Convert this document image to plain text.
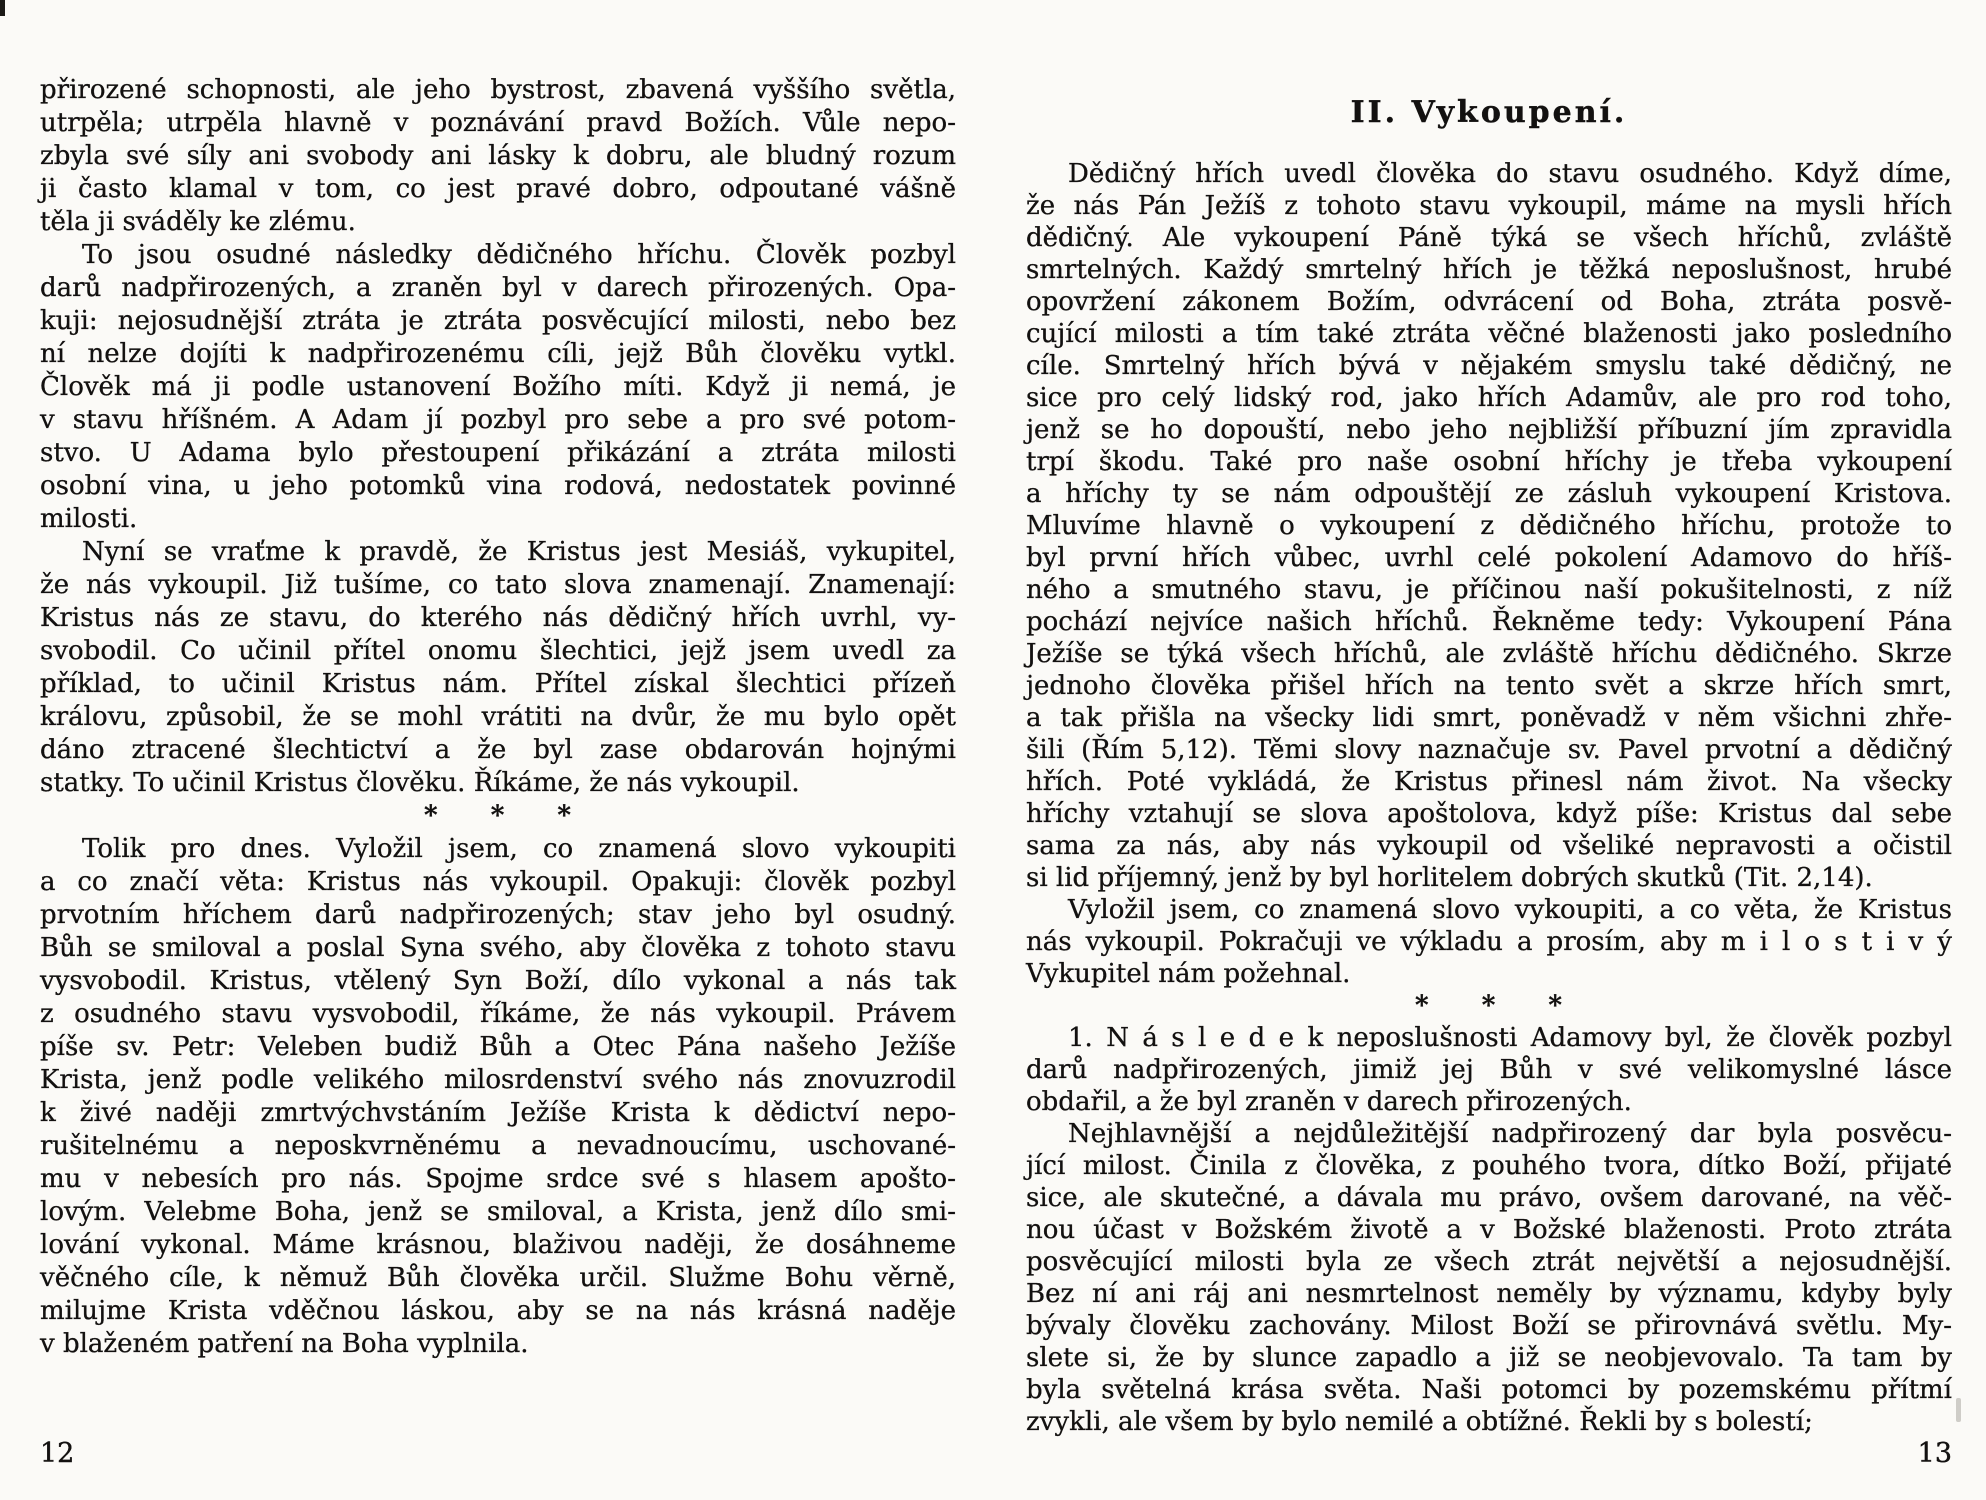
přirozené schopnosti, ale jeho bystrost, zbavená vyššího světla,
utrpěla; utrpěla hlavně v poznávání pravd Božích. Vůle nepo-
zbyla své síly ani svobody ani lásky k dobru, ale bludný rozum
ji často klamal v tom, co jest pravé dobro, odpoutané vášně
těla ji sváděly ke zlému.
To jsou osudné následky dědičného hříchu. Člověk pozbyl
darů nadpřirozených, a zraněn byl v darech přirozených. Opa-
kuji: nejosudnější ztráta je ztráta posvěcující milosti, nebo bez
ní nelze dojíti k nadpřirozenému cíli, jejž Bůh člověku vytkl.
Člověk má ji podle ustanovení Božího míti. Když ji nemá, je
v stavu hříšném. A Adam jí pozbyl pro sebe a pro své potom-
stvo. U Adama bylo přestoupení přikázání a ztráta milosti
osobní vina, u jeho potomků vina rodová, nedostatek povinné
milosti.
Nyní se vraťme k pravdě, že Kristus jest Mesiáš, vykupitel,
že nás vykoupil. Již tušíme, co tato slova znamenají. Znamenají:
Kristus nás ze stavu, do kterého nás dědičný hřích uvrhl, vy-
svobodil. Co učinil přítel onomu šlechtici, jejž jsem uvedl za
příklad, to učinil Kristus nám. Přítel získal šlechtici přízeň
královu, způsobil, že se mohl vrátiti na dvůr, že mu bylo opět
dáno ztracené šlechtictví a že byl zase obdarován hojnými
statky. To učinil Kristus člověku. Říkáme, že nás vykoupil.
* * *
Tolik pro dnes. Vyložil jsem, co znamená slovo vykoupiti
a co značí věta: Kristus nás vykoupil. Opakuji: člověk pozbyl
prvotním hříchem darů nadpřirozených; stav jeho byl osudný.
Bůh se smiloval a poslal Syna svého, aby člověka z tohoto stavu
vysvobodil. Kristus, vtělený Syn Boží, dílo vykonal a nás tak
z osudného stavu vysvobodil, říkáme, že nás vykoupil. Právem
píše sv. Petr: Veleben budiž Bůh a Otec Pána našeho Ježíše
Krista, jenž podle velikého milosrdenství svého nás znovuzrodil
k živé naději zmrtvýchvstáním Ježíše Krista k dědictví nepo-
rušitelnému a neposkvrněnému a nevadnoucímu, uschované-
mu v nebesích pro nás. Spojme srdce své s hlasem apošto-
lovým. Velebme Boha, jenž se smiloval, a Krista, jenž dílo smi-
lování vykonal. Máme krásnou, blaživou naději, že dosáhneme
věčného cíle, k němuž Bůh člověka určil. Služme Bohu věrně,
milujme Krista vděčnou láskou, aby se na nás krásná naděje
v blaženém patření na Boha vyplnila.
II. Vykoupení.
Dědičný hřích uvedl člověka do stavu osudného. Když díme,
že nás Pán Ježíš z tohoto stavu vykoupil, máme na mysli hřích
dědičný. Ale vykoupení Páně týká se všech hříchů, zvláště
smrtelných. Každý smrtelný hřích je těžká neposlušnost, hrubé
opovržení zákonem Božím, odvrácení od Boha, ztráta posvě-
cující milosti a tím také ztráta věčné blaženosti jako posledního
cíle. Smrtelný hřích bývá v nějakém smyslu také dědičný, ne
sice pro celý lidský rod, jako hřích Adamův, ale pro rod toho,
jenž se ho dopouští, nebo jeho nejbližší příbuzní jím zpravidla
trpí škodu. Také pro naše osobní hříchy je třeba vykoupení
a hříchy ty se nám odpouštějí ze zásluh vykoupení Kristova.
Mluvíme hlavně o vykoupení z dědičného hříchu, protože to
byl první hřích vůbec, uvrhl celé pokolení Adamovo do hříš-
ného a smutného stavu, je příčinou naší pokušitelnosti, z níž
pochází nejvíce našich hříchů. Řekněme tedy: Vykoupení Pána
Ježíše se týká všech hříchů, ale zvláště hříchu dědičného. Skrze
jednoho člověka přišel hřích na tento svět a skrze hřích smrt,
a tak přišla na všecky lidi smrt, poněvadž v něm všichni zhře-
šili (Řím 5,12). Těmi slovy naznačuje sv. Pavel prvotní a dědičný
hřích. Poté vykládá, že Kristus přinesl nám život. Na všecky
hříchy vztahují se slova apoštolova, když píše: Kristus dal sebe
sama za nás, aby nás vykoupil od všeliké nepravosti a očistil
si lid příjemný, jenž by byl horlitelem dobrých skutků (Tit. 2,14).
Vyložil jsem, co znamená slovo vykoupiti, a co věta, že Kristus
nás vykoupil. Pokračuji ve výkladu a prosím, aby m i l o s t i v ý
Vykupitel nám požehnal.
* * *
1. N á s l e d e k neposlušnosti Adamovy byl, že člověk pozbyl
darů nadpřirozených, jimiž jej Bůh v své velikomyslné lásce
obdařil, a že byl zraněn v darech přirozených.
Nejhlavnější a nejdůležitější nadpřirozený dar byla posvěcu-
jící milost. Činila z člověka, z pouhého tvora, dítko Boží, přijaté
sice, ale skutečné, a dávala mu právo, ovšem darované, na věč-
nou účast v Božském životě a v Božské blaženosti. Proto ztráta
posvěcující milosti byla ze všech ztrát největší a nejosudnější.
Bez ní ani ráj ani nesmrtelnost neměly by významu, kdyby byly
bývaly člověku zachovány. Milost Boží se přirovnává světlu. My-
slete si, že by slunce zapadlo a již se neobjevovalo. Ta tam by
byla světelná krása světa. Naši potomci by pozemskému přítmí
zvykli, ale všem by bylo nemilé a obtížné. Řekli by s bolestí;
12	13
